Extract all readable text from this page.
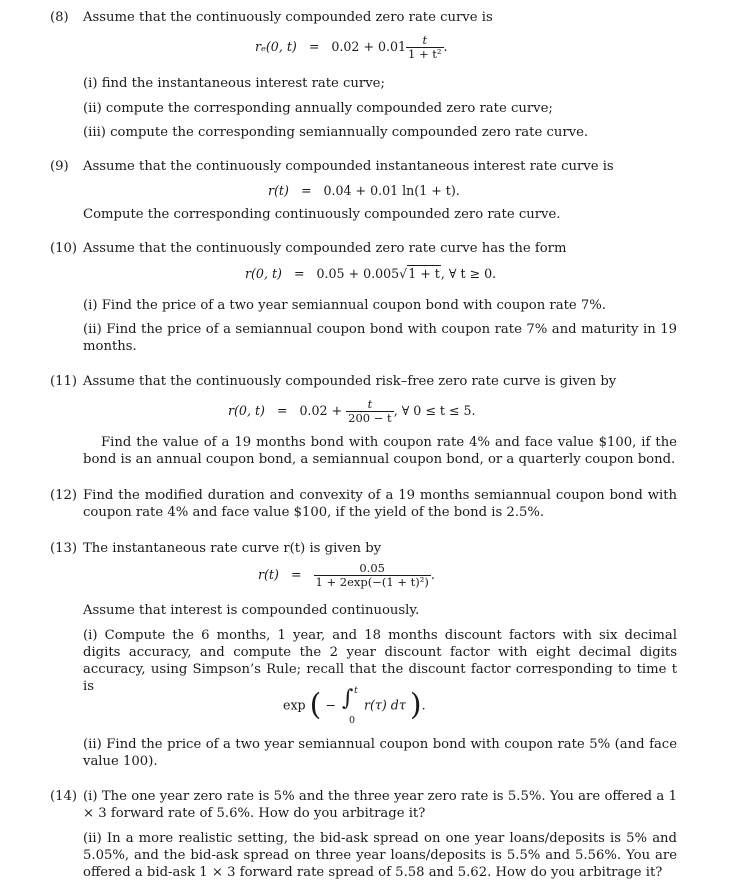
(8) Assume that the continuously compounded zero rate curve is
rₑ(0, $t) = 0.02 + 0.01 \frac{t}{\text{1 + t²}}$ .
(i) find the instantaneous interest rate curve;
(ii) compute the corresponding annually compounded zero rate curve;
(iii) compute the corresponding semiannually compounded zero rate curve.
(9) Assume that the continuously compounded instantaneous interest rate curve is
r(t) = 0.04 + 0.01 ln(1 + t).
Compute the corresponding continuously compounded zero rate curve.
(10) Assume that the continuously compounded zero rate curve has the form
r(0, t) = 0.05 + 0.005√1 + t, ∀ t ≥ 0.
(i) Find the price of a two year semiannual coupon bond with coupon rate 7%.
(ii) Find the price of a semiannual coupon bond with coupon rate 7% and maturity in 19 months.
(11) Assume that the continuously compounded risk–free zero rate curve is given by
r(0, $t) = 0.02 + \frac{t}{200 - t}$ , ∀ 0 ≤ t ≤ 5.
Find the value of a 19 months bond with coupon rate 4% and face value $100, if the bond is an annual coupon bond, a semiannual coupon bond, or a quarterly coupon bond.
(12) Find the modified duration and convexity of a 19 months semiannual coupon bond with coupon rate 4% and face value $100, if the yield of the bond is 2.5%.
(13) The instantaneous rate curve r(t) is given by
$r(t) = \frac{0.05}{\text{1 + 2exp(−(1 + t)²)}}$ .
Assume that interest is compounded continuously.
(i) Compute the 6 months, 1 year, and 18 months discount factors with six decimal digits accuracy, and compute the 2 year discount factor with eight decimal digits accuracy, using Simpson’s Rule; recall that the discount factor corresponding to time t is
exp ( − ∫ t
0
r(τ) dτ ).
(ii) Find the price of a two year semiannual coupon bond with coupon rate 5% (and face value 100).
(14) (i) The one year zero rate is 5% and the three year zero rate is 5.5%. You are offered a 1 × 3 forward rate of 5.6%. How do you arbitrage it?
(ii) In a more realistic setting, the bid-ask spread on one year loans/deposits is 5% and 5.05%, and the bid-ask spread on three year loans/deposits is 5.5% and 5.56%. You are offered a bid-ask 1 × 3 forward rate spread of 5.58 and 5.62. How do you arbitrage it?
